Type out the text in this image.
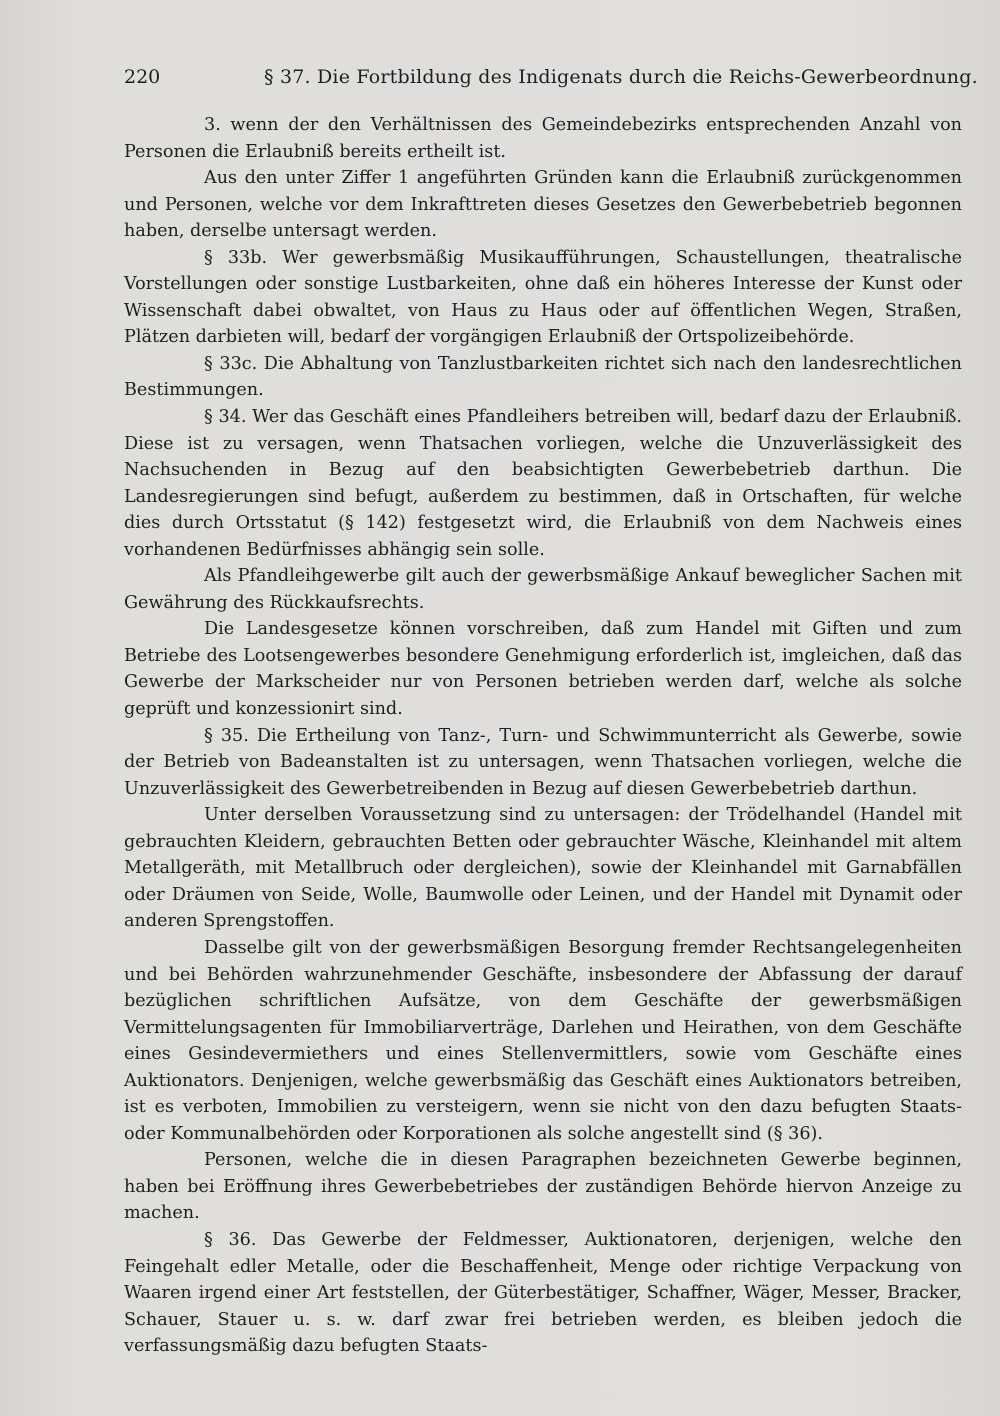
220	§ 37. Die Fortbildung des Indigenats durch die Reichs-Gewerbeordnung.

3. wenn der den Verhältnissen des Gemeindebezirks entsprechenden Anzahl von Personen die Erlaubniß bereits ertheilt ist.

Aus den unter Ziffer 1 angeführten Gründen kann die Erlaubniß zurückgenommen und Personen, welche vor dem Inkrafttreten dieses Gesetzes den Gewerbebetrieb begonnen haben, derselbe untersagt werden.

§ 33b. Wer gewerbsmäßig Musikaufführungen, Schaustellungen, theatralische Vorstellungen oder sonstige Lustbarkeiten, ohne daß ein höheres Interesse der Kunst oder Wissenschaft dabei obwaltet, von Haus zu Haus oder auf öffentlichen Wegen, Straßen, Plätzen darbieten will, bedarf der vorgängigen Erlaubniß der Ortspolizeibehörde.

§ 33c. Die Abhaltung von Tanzlustbarkeiten richtet sich nach den landesrechtlichen Bestimmungen.

§ 34. Wer das Geschäft eines Pfandleihers betreiben will, bedarf dazu der Erlaubniß. Diese ist zu versagen, wenn Thatsachen vorliegen, welche die Unzuverlässigkeit des Nachsuchenden in Bezug auf den beabsichtigten Gewerbebetrieb darthun. Die Landesregierungen sind befugt, außerdem zu bestimmen, daß in Ortschaften, für welche dies durch Ortsstatut (§ 142) festgesetzt wird, die Erlaubniß von dem Nachweis eines vorhandenen Bedürfnisses abhängig sein solle.

Als Pfandleihgewerbe gilt auch der gewerbsmäßige Ankauf beweglicher Sachen mit Gewährung des Rückkaufsrechts.

Die Landesgesetze können vorschreiben, daß zum Handel mit Giften und zum Betriebe des Lootsengewerbes besondere Genehmigung erforderlich ist, imgleichen, daß das Gewerbe der Markscheider nur von Personen betrieben werden darf, welche als solche geprüft und konzessionirt sind.

§ 35. Die Ertheilung von Tanz-, Turn- und Schwimmunterricht als Gewerbe, sowie der Betrieb von Badeanstalten ist zu untersagen, wenn Thatsachen vorliegen, welche die Unzuverlässigkeit des Gewerbetreibenden in Bezug auf diesen Gewerbebetrieb darthun.

Unter derselben Voraussetzung sind zu untersagen: der Trödelhandel (Handel mit gebrauchten Kleidern, gebrauchten Betten oder gebrauchter Wäsche, Kleinhandel mit altem Metallgeräth, mit Metallbruch oder dergleichen), sowie der Kleinhandel mit Garnabfällen oder Dräumen von Seide, Wolle, Baumwolle oder Leinen, und der Handel mit Dynamit oder anderen Sprengstoffen.

Dasselbe gilt von der gewerbsmäßigen Besorgung fremder Rechtsangelegenheiten und bei Behörden wahrzunehmender Geschäfte, insbesondere der Abfassung der darauf bezüglichen schriftlichen Aufsätze, von dem Geschäfte der gewerbsmäßigen Vermittelungsagenten für Immobiliarverträge, Darlehen und Heirathen, von dem Geschäfte eines Gesindevermiethers und eines Stellenvermittlers, sowie vom Geschäfte eines Auktionators. Denjenigen, welche gewerbsmäßig das Geschäft eines Auktionators betreiben, ist es verboten, Immobilien zu versteigern, wenn sie nicht von den dazu befugten Staats- oder Kommunalbehörden oder Korporationen als solche angestellt sind (§ 36).

Personen, welche die in diesen Paragraphen bezeichneten Gewerbe beginnen, haben bei Eröffnung ihres Gewerbebetriebes der zuständigen Behörde hiervon Anzeige zu machen.

§ 36. Das Gewerbe der Feldmesser, Auktionatoren, derjenigen, welche den Feingehalt edler Metalle, oder die Beschaffenheit, Menge oder richtige Verpackung von Waaren irgend einer Art feststellen, der Güterbestätiger, Schaffner, Wäger, Messer, Bracker, Schauer, Stauer u. s. w. darf zwar frei betrieben werden, es bleiben jedoch die verfassungsmäßig dazu befugten Staats-
